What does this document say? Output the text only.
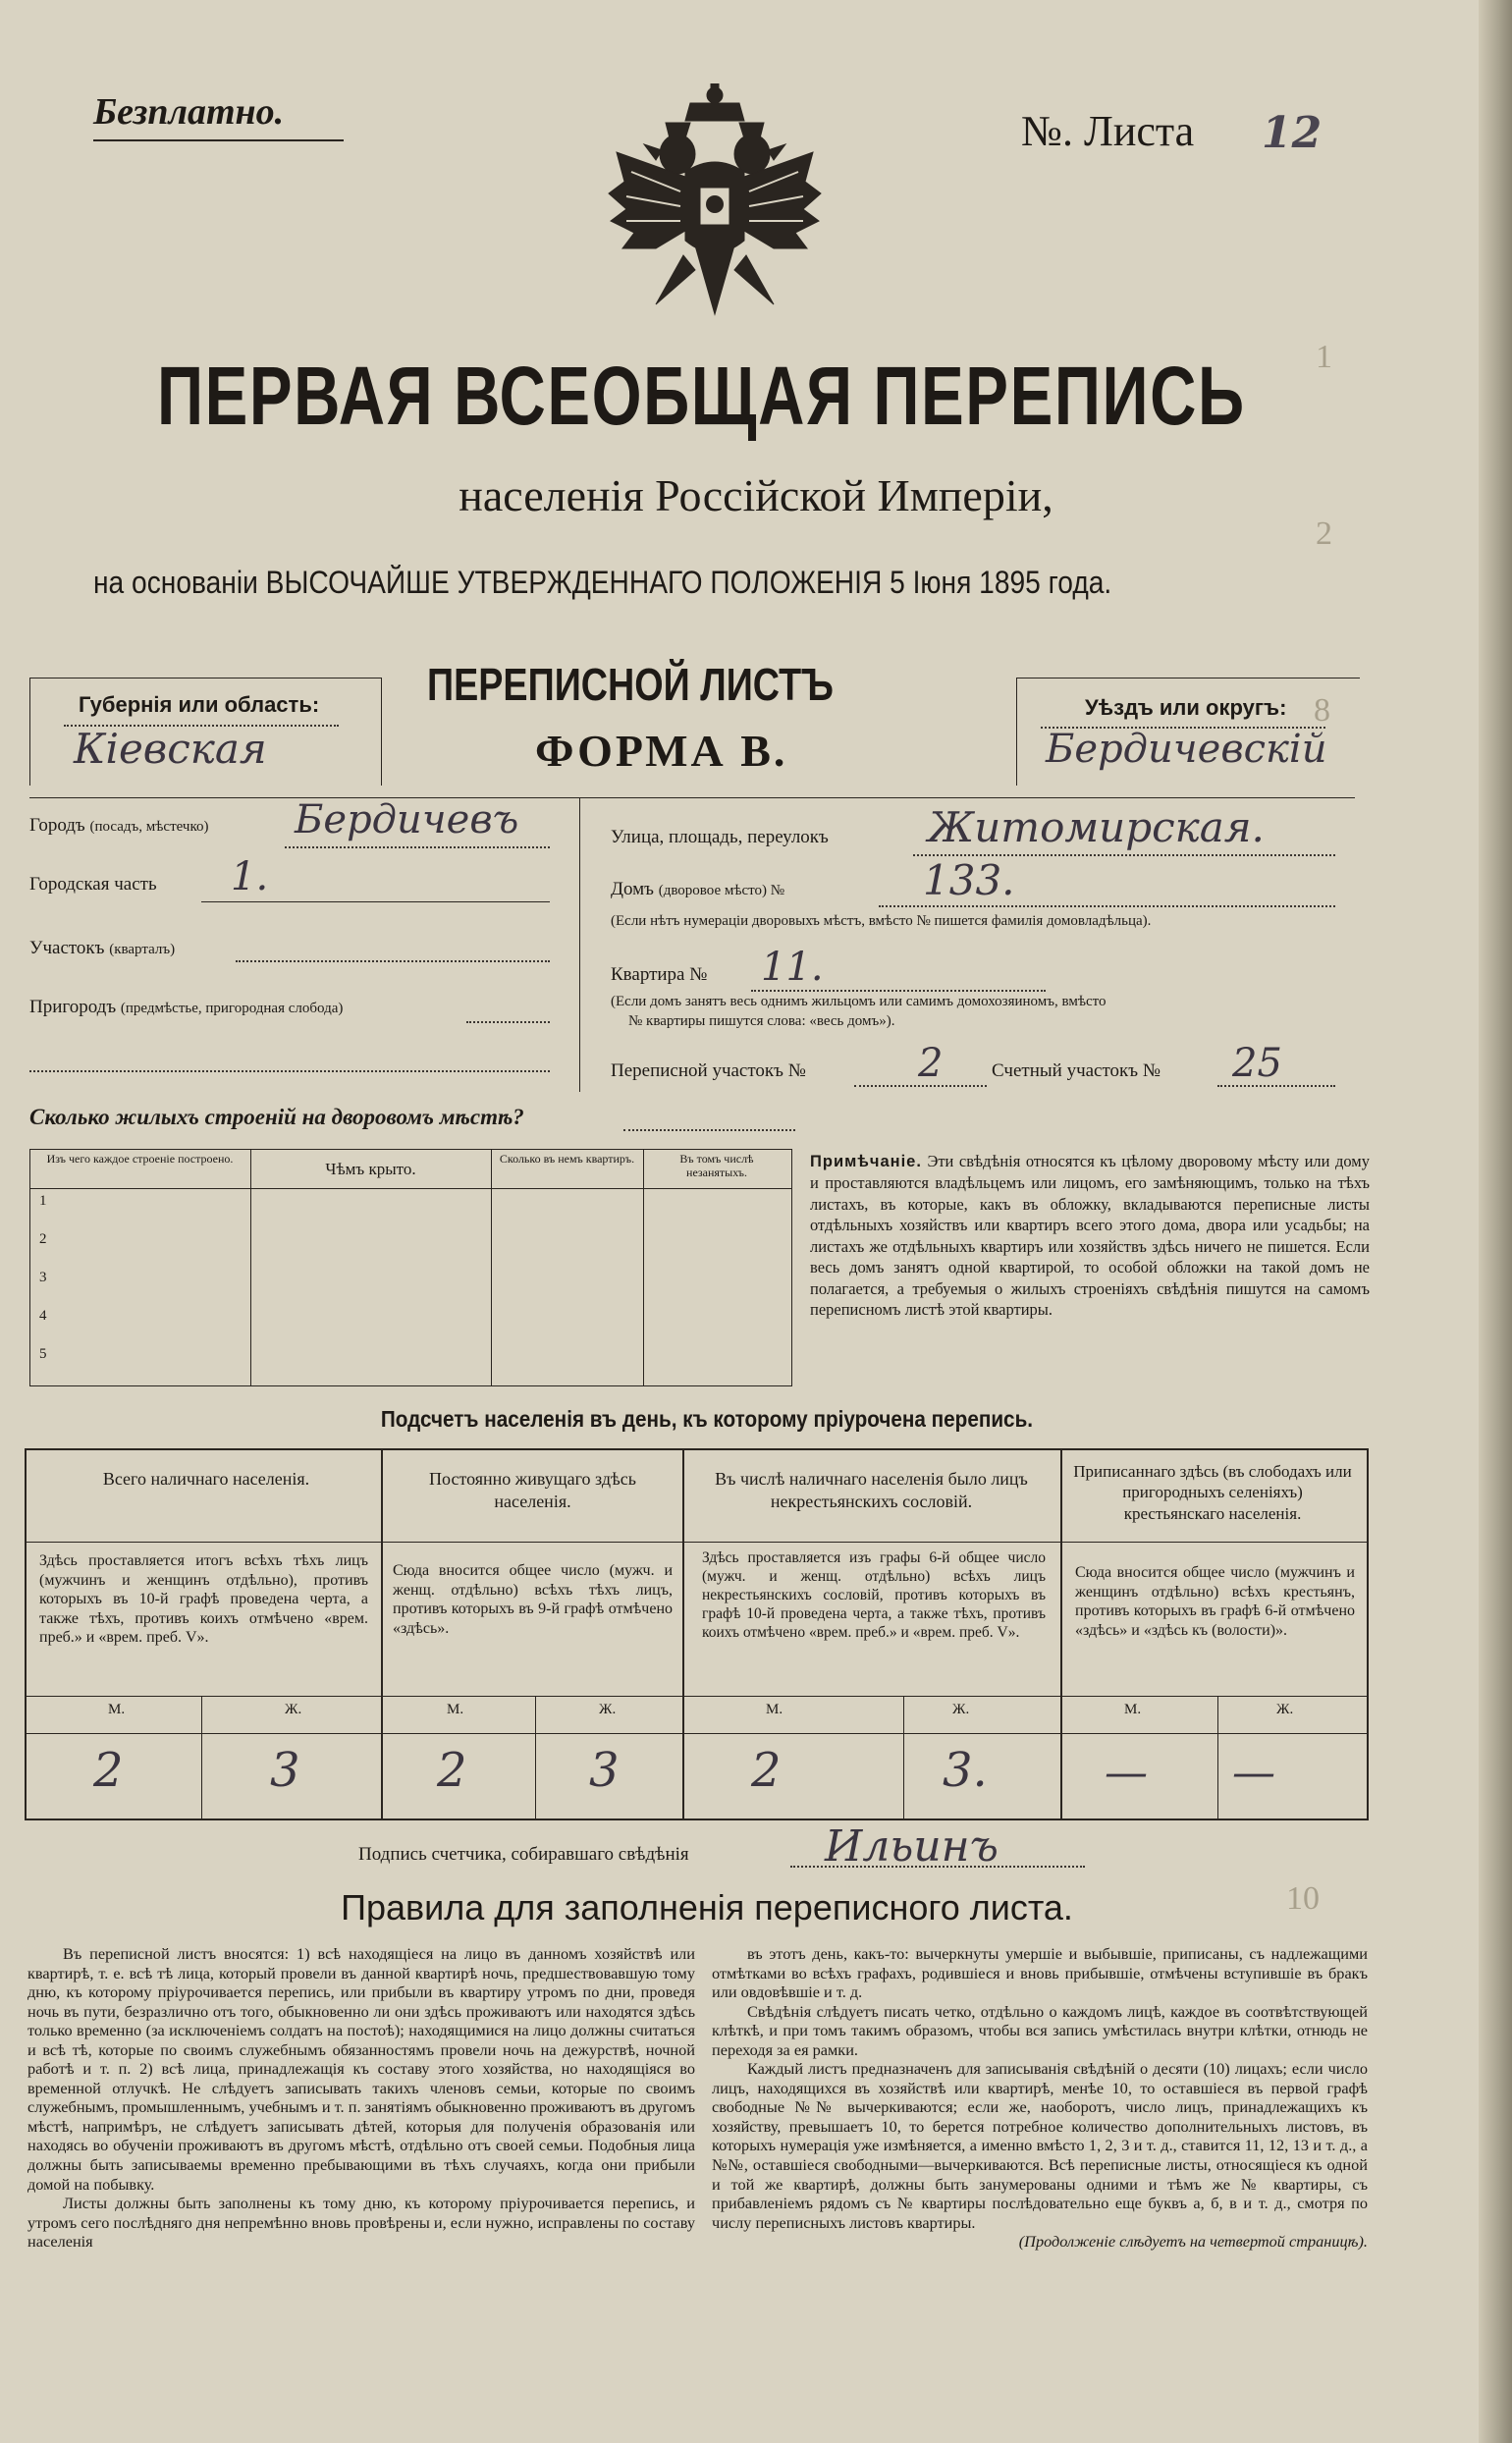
1
2
8
10
Безплатно.	№. Листа 12
ПЕРВАЯ ВСЕОБЩАЯ ПЕРЕПИСЬ
населенія Россійской Имперіи,
на основаніи ВЫСОЧАЙШЕ УТВЕРЖДЕННАГО ПОЛОЖЕНІЯ 5 Іюня 1895 года.
Губернія или область:
Кіевская
ПЕРЕПИСНОЙ ЛИСТЪ
ФОРМА В.
Уѣздъ или округъ:
Бердичевскій
Городъ (посадъ, мѣстечко) Бердичевъ
Городская часть 1.
Участокъ (кварталъ)
Пригородъ (предмѣстье, пригородная слобода)
Улица, площадь, переулокъ Житомирская.
Домъ (дворовое мѣсто) №	133.
(Если нѣтъ нумераціи дворовыхъ мѣстъ, вмѣсто № пишется фамилія домовладѣльца).
Квартира № 11.
(Если домъ занятъ весь однимъ жильцомъ или самимъ домохозяиномъ, вмѣсто
№ квартиры пишутся слова: «весь домъ»).
Переписной участокъ №	2	Счетный участокъ № 25
Сколько жилыхъ строеній на дворовомъ мѣстѣ?
Изъ чего каждое строеніе построено.
Чѣмъ крыто.
Сколько въ немъ квартиръ.	Въ томъ числѣ незанятыхъ.
1
2
3
4
5
Примѣчаніе. Эти свѣдѣнія относятся къ цѣлому дворовому мѣсту или дому и проставляются владѣльцемъ или лицомъ, его замѣняющимъ, только на тѣхъ листахъ, въ которые, какъ въ обложку, вкладываются переписные листы отдѣльныхъ хозяйствъ или квартиръ всего этого дома, двора или усадьбы; на листахъ же отдѣльныхъ квартиръ или хозяйствъ здѣсь ничего не пишется. Если весь домъ занятъ одной квартирой, то особой обложки на такой домъ не полагается, а требуемыя о жилыхъ строеніяхъ свѣдѣнія пишутся на самомъ переписномъ листѣ этой квартиры.
Подсчетъ населенія въ день, къ которому пріурочена перепись.
Всего наличнаго населенія.
Здѣсь проставляется итогъ всѣхъ тѣхъ лицъ (мужчинъ и женщинъ отдѣльно), противъ которыхъ въ 10-й графѣ проведена черта, а также тѣхъ, противъ коихъ отмѣчено «врем. преб.» и «врем. преб. V».
М.	Ж.
2	3
Постоянно живущаго здѣсь населенія.
Сюда вносится общее число (мужч. и женщ. отдѣльно) всѣхъ тѣхъ лицъ, противъ которыхъ въ 9-й графѣ отмѣчено «здѣсь».
М.	Ж.
2	3
Въ числѣ наличнаго населенія было лицъ некрестьянскихъ сословій.
Здѣсь проставляется изъ графы 6-й общее число (мужч. и женщ. отдѣльно) всѣхъ лицъ некрестьянскихъ сословій, противъ которыхъ въ графѣ 10-й проведена черта, а также тѣхъ, противъ коихъ отмѣчено «врем. преб.» и «врем. преб. V».
М.	Ж.
2	3.
Приписаннаго здѣсь (въ слободахъ или пригородныхъ селеніяхъ) крестьянскаго населенія.
Сюда вносится общее число (мужчинъ и женщинъ отдѣльно) всѣхъ крестьянъ, противъ которыхъ въ графѣ 6-й отмѣчено «здѣсь» и «здѣсь къ (волости)».
М.	Ж.
— —
Подпись счетчика, собиравшаго свѣдѣнія	Ильинъ
Правила для заполненія переписного листа.

Въ переписной листъ вносятся: 1) всѣ находящіеся на лицо въ данномъ хозяйствѣ или квартирѣ, т. е. всѣ тѣ лица, который провели въ данной квартирѣ ночь, предшествовавшую тому дню, къ которому пріурочивается перепись, или прибыли въ квартиру утромъ по дни, проведя ночь въ пути, безразлично отъ того, обыкновенно ли они здѣсь проживаютъ или находятся здѣсь только временно (за исключеніемъ солдатъ на постоѣ); находящимися на лицо должны считаться и всѣ тѣ, которые по своимъ служебнымъ обязанностямъ провели ночь на дежурствѣ, ночной работѣ и т. п. 2) всѣ лица, принадлежащія къ составу этого хозяйства, но находящіяся во временной отлучкѣ. Не слѣдуетъ записывать такихъ членовъ семьи, которые по своимъ служебнымъ, промышленнымъ, учебнымъ и т. п. занятіямъ обыкновенно проживаютъ въ другомъ мѣстѣ, напримѣръ, не слѣдуетъ записывать дѣтей, которыя для полученія образованія или находясь во обученіи проживаютъ въ другомъ мѣстѣ, отдѣльно отъ своей семьи. Подобныя лица должны быть записываемы временно пребывающими въ тѣхъ случаяхъ, когда они прибыли домой на побывку.

Листы должны быть заполнены къ тому дню, къ которому пріурочивается перепись, и утромъ сего послѣдняго дня непремѣнно вновь провѣрены и, если нужно, исправлены по составу населенія

въ этотъ день, какъ-то: вычеркнуты умершіе и выбывшіе, приписаны, съ надлежащими отмѣтками во всѣхъ графахъ, родившіеся и вновь прибывшіе, отмѣчены вступившіе въ бракъ или овдовѣвшіе и т. д.

Свѣдѣнія слѣдуетъ писать четко, отдѣльно о каждомъ лицѣ, каждое въ соотвѣтствующей клѣткѣ, и при томъ такимъ образомъ, чтобы вся запись умѣстилась внутри клѣтки, отнюдь не переходя за ея рамки.

Каждый листъ предназначенъ для записыванія свѣдѣній о десяти (10) лицахъ; если число лицъ, находящихся въ хозяйствѣ или квартирѣ, менѣе 10, то оставшіеся въ первой графѣ свободные №№ вычеркиваются; если же, наоборотъ, число лицъ, принадлежащихъ къ хозяйству, превышаетъ 10, то берется потребное количество дополнительныхъ листовъ, въ которыхъ нумерація уже измѣняется, а именно вмѣсто 1, 2, 3 и т. д., ставится 11, 12, 13 и т. д., а №№, оставшіеся свободными—вычеркиваются. Всѣ переписные листы, относящіеся къ одной и той же квартирѣ, должны быть занумерованы одними и тѣмъ же № квартиры, съ прибавленіемъ рядомъ съ № квартиры послѣдовательно еще буквъ а, б, в и т. д., смотря по числу переписныхъ листовъ квартиры.

(Продолженіе слѣдуетъ на четвертой страницѣ).
